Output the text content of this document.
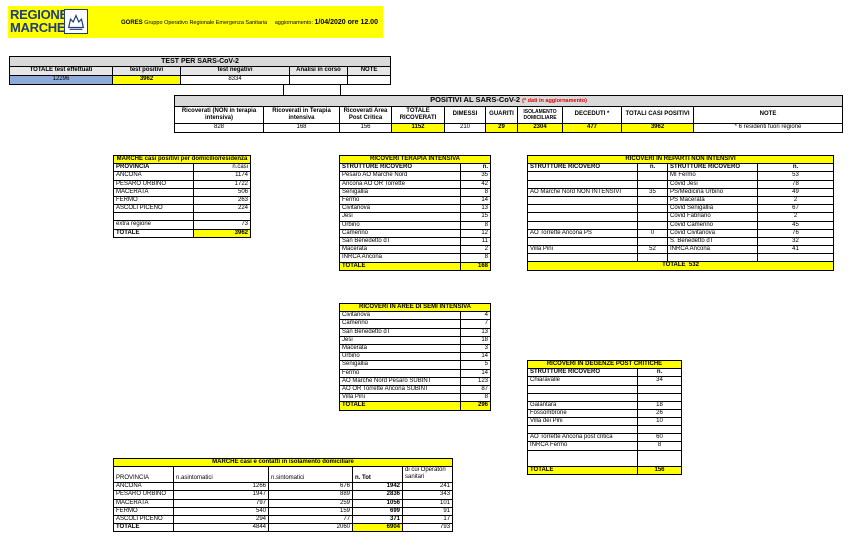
REGIONE
MARCHE	GORES Gruppo Operativo Regionale Emergenza Sanitaria aggiornamento: 1/04/2020 ore 12.00
TEST PER SARS-CoV-2				
TOTALE test effettuati	test positivi	test negativi	Analisi in corso	NOTE
12296	3962	8334		
POSITIVI AL SARS-CoV-2 (* dati in aggiornamento)									
Ricoverati (NON in terapia intensiva)	Ricoverati in Terapia intensiva	Ricoverati Area Post Critica	TOTALE RICOVERATI	DIMESSI	GUARITI	ISOLAMENTO DOMICILIARE	DECEDUTI *	TOTALI CASI POSITIVI	NOTE
828	168	156	1152	210	29	2304	477	3962	* 6 residenti fuori regione
MARCHE casi positivi per domicilio/residenza	
PROVINCIA	n.casi
ANCONA	1174
PESARO URBINO	1722
MACERATA	506
FERMO	263
ASCOLI PICENO	224

extra regione	73
TOTALE	3962
RICOVERI TERAPIA INTENSIVA	
STRUTTURE RICOVERO	n.
Pesaro AO Marche Nord	35
Ancona AO OR Torrette	42
Senigallia	8
Fermo	14
Civitanova	13
Jesi	15
Urbino	8
Camerino	12
San Benedetto dT	11
Macerata	2
INRCA Ancona	8
TOTALE	168
RICOVERI IN AREE DI SEMI INTENSIVA	
Civitanova	4
Camerino	7
San Benedetto dT	13
Jesi	18
Macerata	3
Urbino	14
Senigallia	5
Fermo	14
AO Marche Nord Pesaro SUBINT	123
AO OR Torrette Ancona SUBINT	87
Villa Pini	8
TOTALE	296
RICOVERI IN REPARTI NON INTENSIVI			
STRUTTURE RICOVERO	n.	STRUTTURE RICOVERO	n.
		MI Fermo	53
		Covid Jesi	78
AO Marche Nord NON INTENSIVI	35	PS/Medicina Urbino	49
		PS Macerata	2
		Covid Senigallia	67
		Covid Fabriano	2
		Covid Camerino	45
AO Torrette Ancona PS	0	Covid Civitanova	76
		S. Benedetto dT	32
Villa Pini	52	INRCA Ancona	41

TOTALE 532			
RICOVERI IN DEGENZE POST CRITICHE	
STRUTTURE RICOVERO	n.
Chiaravalle	34

Galantara	18
Fossombrone	26
Villa dei Pini	10

AO Torrette Ancona post critica	60
INRCA Fermo	8

TOTALE	156
MARCHE casi e contatti in isolamento domiciliare				
PROVINCIA	n.asintomatici	n.sintomatici	n. Tot	di cui Operatori sanitari
ANCONA	1266	676	1942	241
PESARO URBINO	1947	889	2836	343
MACERATA	797	259	1056	101
FERMO	540	159	699	91
ASCOLI PICENO	294	77	371	17
TOTALE	4844	2060	6904	793
